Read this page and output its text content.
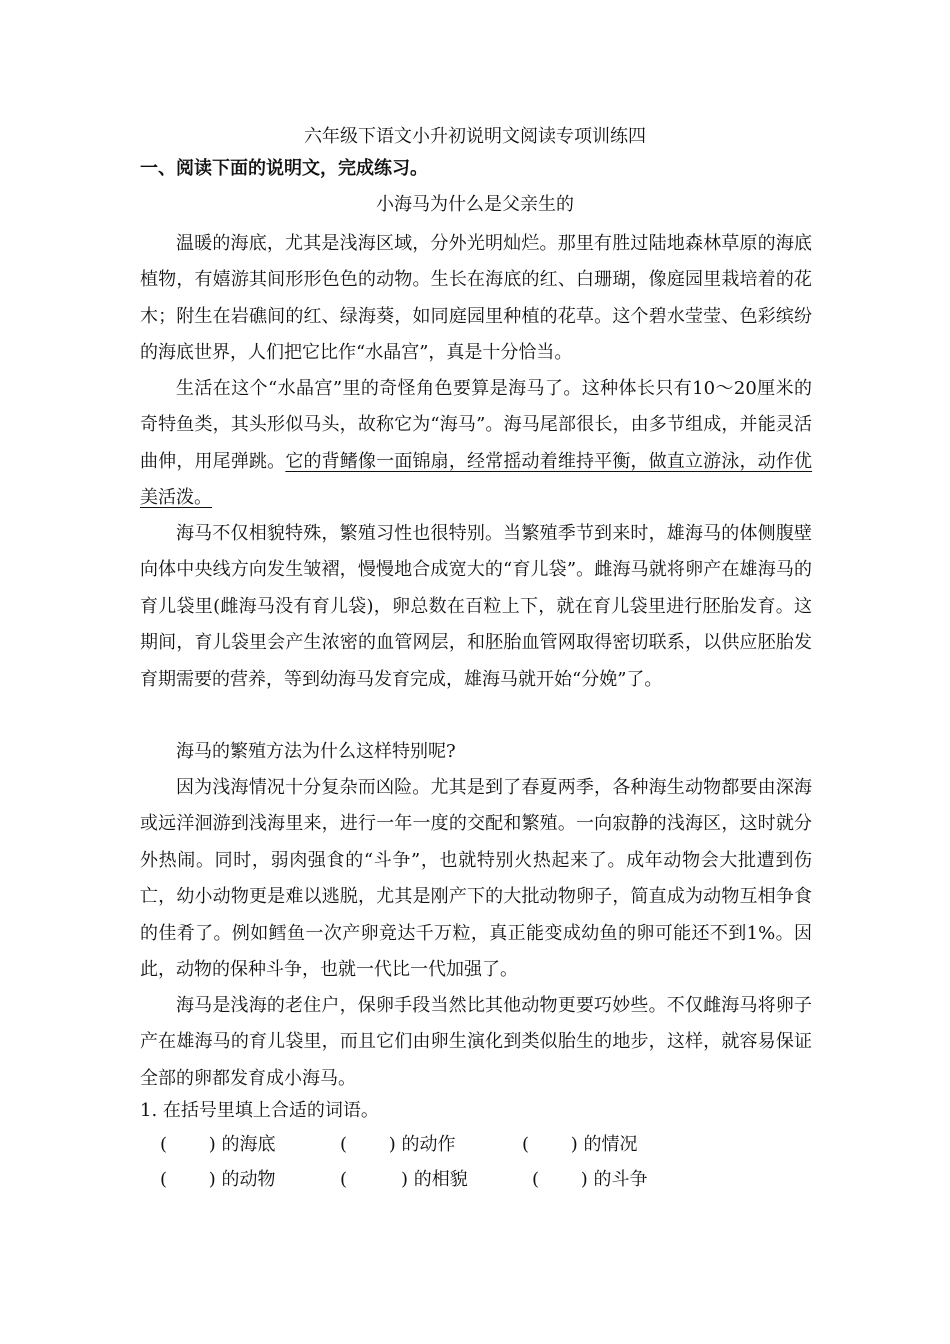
六年级下语文小升初说明文阅读专项训练四
一、阅读下面的说明文，完成练习。
小海马为什么是父亲生的

温暖的海底，尤其是浅海区域，分外光明灿烂。那里有胜过陆地森林草原的海底植物，有嬉游其间形形色色的动物。生长在海底的红、白珊瑚，像庭园里栽培着的花木；附生在岩礁间的红、绿海葵，如同庭园里种植的花草。这个碧水莹莹、色彩缤纷的海底世界，人们把它比作“水晶宫”，真是十分恰当。

生活在这个“水晶宫”里的奇怪角色要算是海马了。这种体长只有10～20厘米的奇特鱼类，其头形似马头，故称它为“海马”。海马尾部很长，由多节组成，并能灵活曲伸，用尾弹跳。它的背鳍像一面锦扇，经常摇动着维持平衡，做直立游泳，动作优美活泼。

海马不仅相貌特殊，繁殖习性也很特别。当繁殖季节到来时，雄海马的体侧腹壁向体中央线方向发生皱褶，慢慢地合成宽大的“育儿袋”。雌海马就将卵产在雄海马的育儿袋里(雌海马没有育儿袋)，卵总数在百粒上下，就在育儿袋里进行胚胎发育。这期间，育儿袋里会产生浓密的血管网层，和胚胎血管网取得密切联系，以供应胚胎发育期需要的营养，等到幼海马发育完成，雄海马就开始“分娩”了。

海马的繁殖方法为什么这样特别呢?

因为浅海情况十分复杂而凶险。尤其是到了春夏两季，各种海生动物都要由深海或远洋洄游到浅海里来，进行一年一度的交配和繁殖。一向寂静的浅海区，这时就分外热闹。同时，弱肉强食的“斗争”，也就特别火热起来了。成年动物会大批遭到伤亡，幼小动物更是难以逃脱，尤其是刚产下的大批动物卵子，简直成为动物互相争食的佳肴了。例如鳕鱼一次产卵竟达千万粒，真正能变成幼鱼的卵可能还不到1%。因此，动物的保种斗争，也就一代比一代加强了。

海马是浅海的老住户，保卵手段当然比其他动物更要巧妙些。不仅雌海马将卵子产在雄海马的育儿袋里，而且它们由卵生演化到类似胎生的地步，这样，就容易保证全部的卵都发育成小海马。

1. 在括号里填上合适的词语。
(　　 ) 的海底	(　　 ) 的动作	(　　 ) 的情况
(　　 ) 的动物	(　　　) 的相貌	(　　 ) 的斗争
